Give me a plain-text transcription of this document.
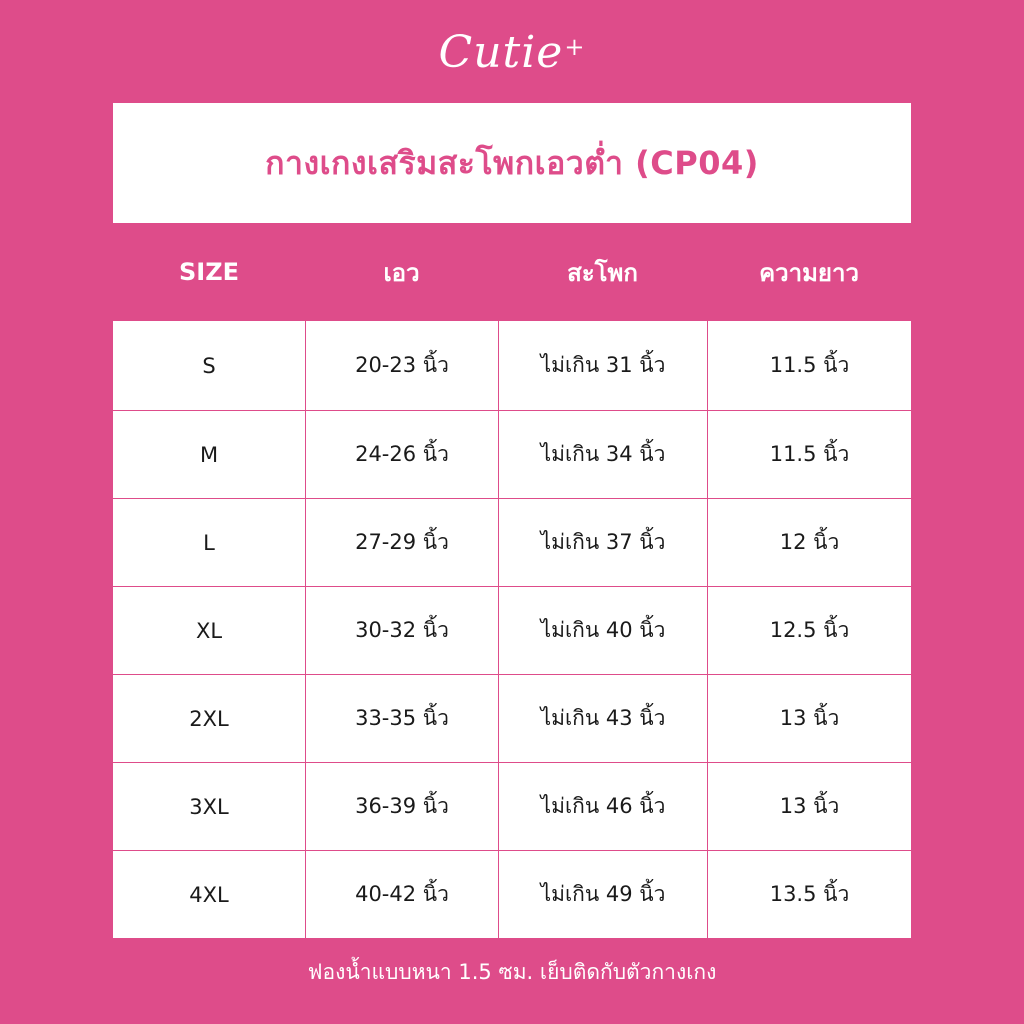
Cutie+
กางเกงเสริมสะโพกเอวต่ำ (CP04)
SIZE	เอว	สะโพก	ความยาว
S	20-23 นิ้ว	ไม่เกิน 31 นิ้ว	11.5 นิ้ว
M	24-26 นิ้ว	ไม่เกิน 34 นิ้ว	11.5 นิ้ว
L	27-29 นิ้ว	ไม่เกิน 37 นิ้ว	12 นิ้ว
XL	30-32 นิ้ว	ไม่เกิน 40 นิ้ว	12.5 นิ้ว
2XL	33-35 นิ้ว	ไม่เกิน 43 นิ้ว	13 นิ้ว
3XL	36-39 นิ้ว	ไม่เกิน 46 นิ้ว	13 นิ้ว
4XL	40-42 นิ้ว	ไม่เกิน 49 นิ้ว	13.5 นิ้ว
ฟองน้ำแบบหนา 1.5 ซม. เย็บติดกับตัวกางเกง
